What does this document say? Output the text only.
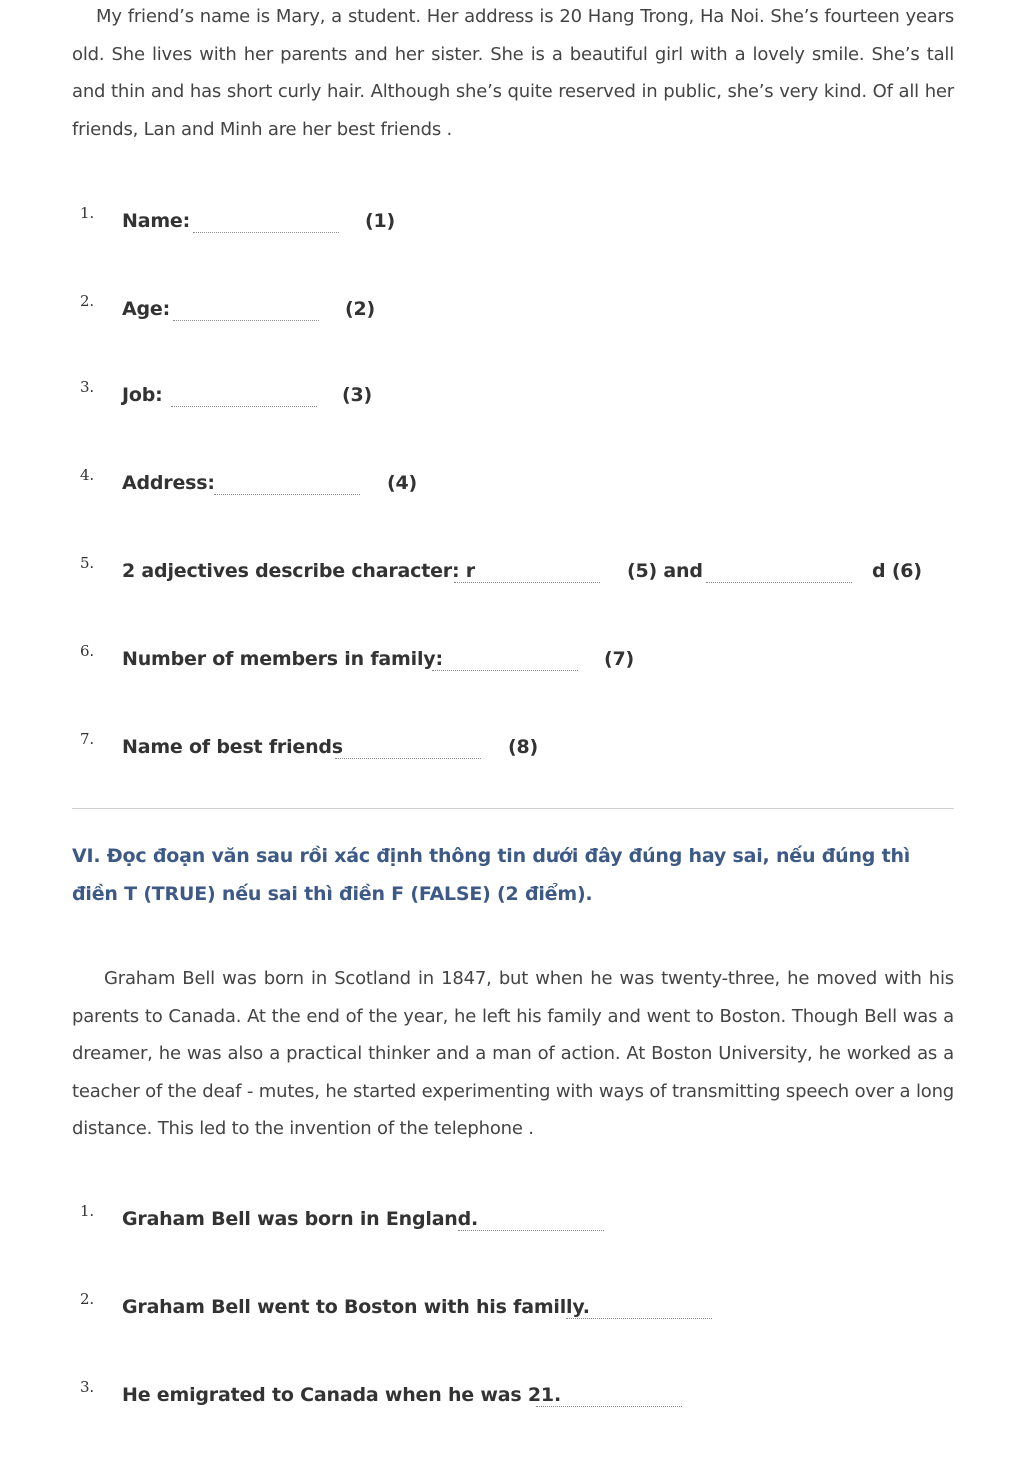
My friend’s name is Mary, a student. Her address is 20 Hang Trong, Ha Noi. She’s fourteen years old. She lives with her parents and her sister. She is a beautiful girl with a lovely smile. She’s tall and thin and has short curly hair. Although she’s quite reserved in public, she’s very kind. Of all her friends, Lan and Minh are her best friends .
1. Name:	(1)
2. Age:	(2)
3. Job:	(3)
4. Address:	(4)
5. 2 adjectives describe character: r	(5) and	d (6)
6. Number of members in family:	(7)
7. Name of best friends	(8)
VI. Đọc đoạn văn sau rồi xác định thông tin dưới đây đúng hay sai, nếu đúng thì điền T (TRUE) nếu sai thì điền F (FALSE) (2 điểm).
Graham Bell was born in Scotland in 1847, but when he was twenty-three, he moved with his parents to Canada. At the end of the year, he left his family and went to Boston. Though Bell was a dreamer, he was also a practical thinker and a man of action. At Boston University, he worked as a teacher of the deaf - mutes, he started experimenting with ways of transmitting speech over a long distance. This led to the invention of the telephone .
1. Graham Bell was born in England.
2. Graham Bell went to Boston with his familly.
3. He emigrated to Canada when he was 21.
